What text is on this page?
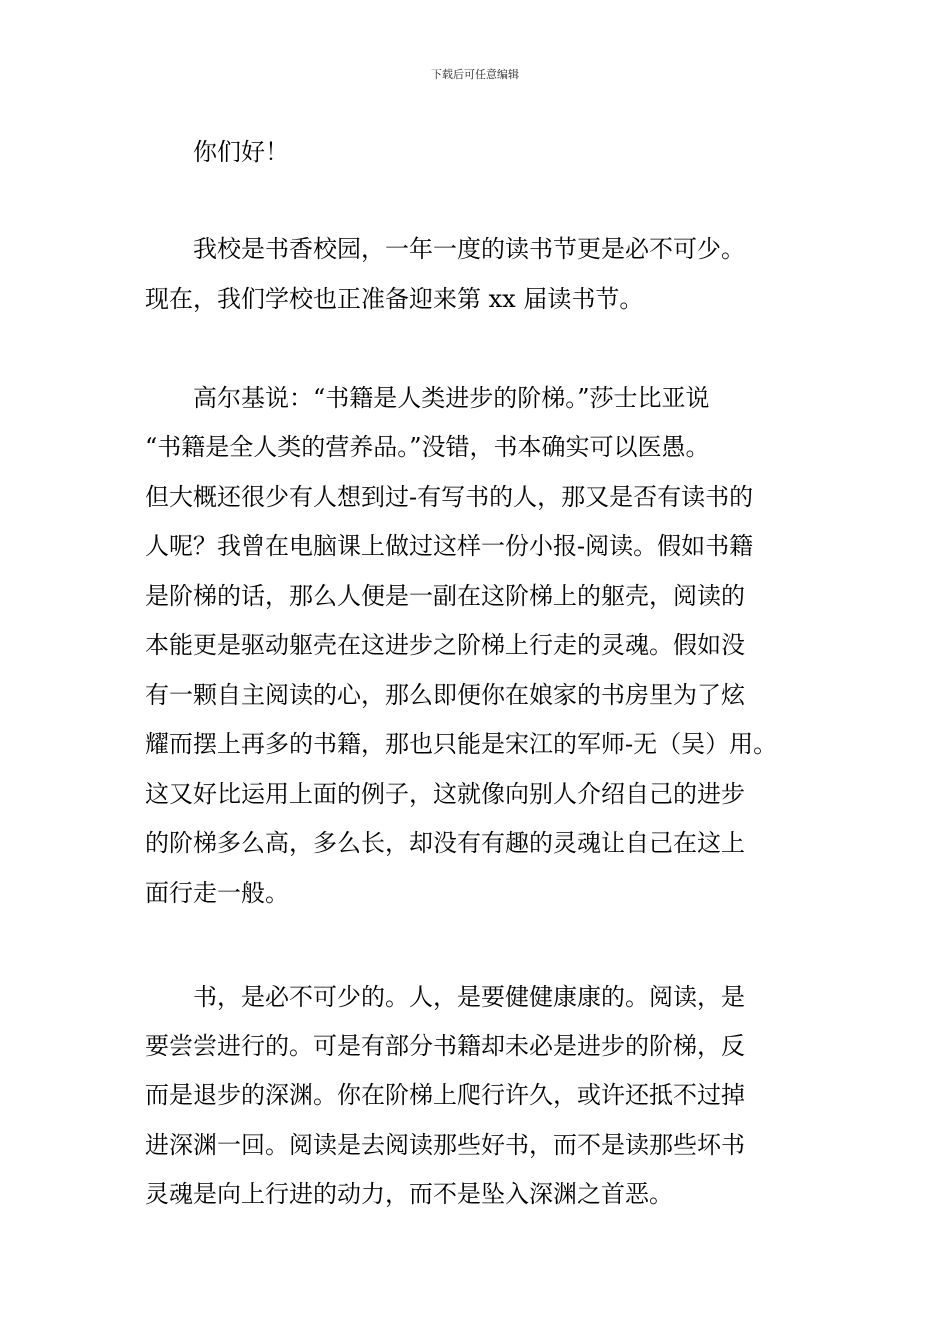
下载后可任意编辑
你们好！
我校是书香校园，一年一度的读书节更是必不可少。
现在，我们学校也正准备迎来第 xx 届读书节。
高尔基说：“书籍是人类进步的阶梯。”莎士比亚说
“书籍是全人类的营养品。”没错，书本确实可以医愚。
但大概还很少有人想到过-有写书的人，那又是否有读书的
人呢？我曾在电脑课上做过这样一份小报-阅读。假如书籍
是阶梯的话，那么人便是一副在这阶梯上的躯壳，阅读的
本能更是驱动躯壳在这进步之阶梯上行走的灵魂。假如没
有一颗自主阅读的心，那么即便你在娘家的书房里为了炫
耀而摆上再多的书籍，那也只能是宋江的军师-无（吴）用。
这又好比运用上面的例子，这就像向别人介绍自己的进步
的阶梯多么高，多么长，却没有有趣的灵魂让自己在这上
面行走一般。
书，是必不可少的。人，是要健健康康的。阅读，是
要尝尝进行的。可是有部分书籍却未必是进步的阶梯，反
而是退步的深渊。你在阶梯上爬行许久，或许还抵不过掉
进深渊一回。阅读是去阅读那些好书，而不是读那些坏书
灵魂是向上行进的动力，而不是坠入深渊之首恶。
